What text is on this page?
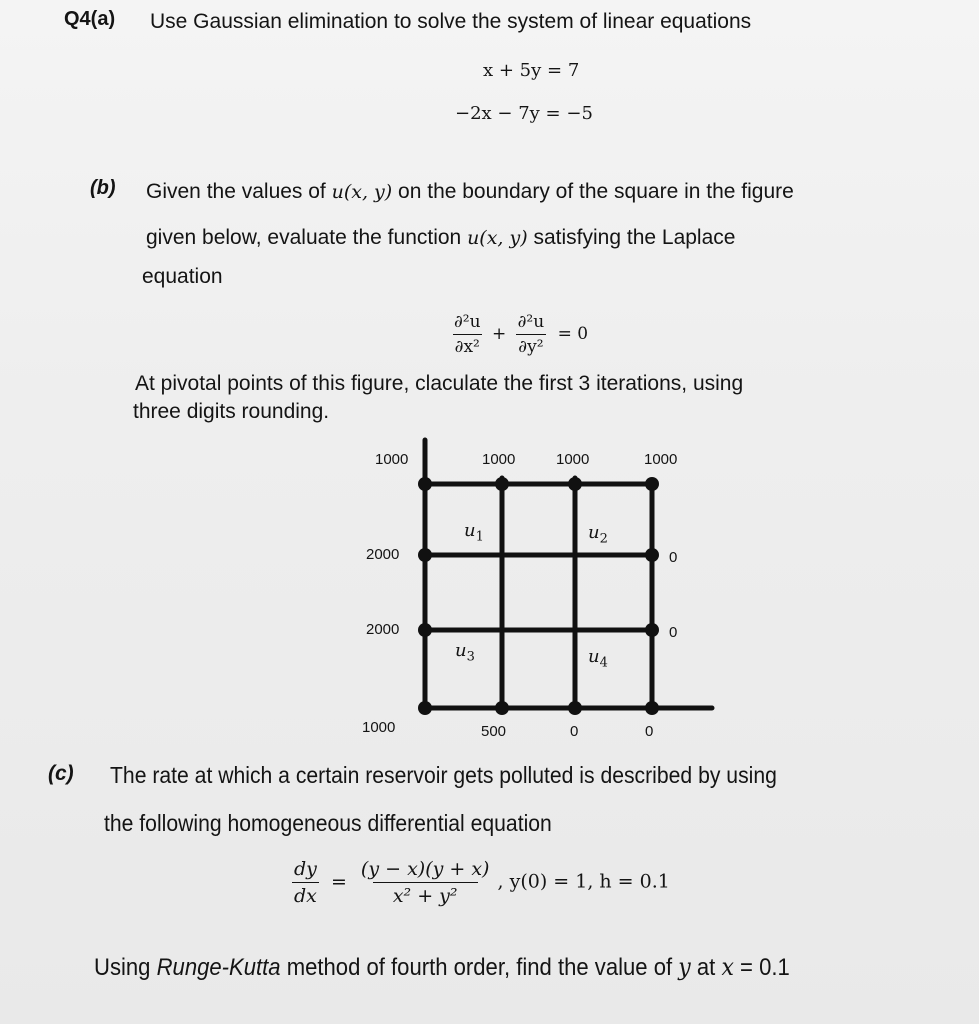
Q4(a) Use Gaussian elimination to solve the system of linear equations
x + 5y = 7
−2x − 7y = −5
(b) Given the values of u(x, y) on the boundary of the square in the figure
given below, evaluate the function u(x, y) satisfying the Laplace
equation
$\frac{\text{∂²u}}{\text{∂x²}} + \frac{\text{∂²u}}{\text{∂y²}} = 0$
At pivotal points of this figure, claculate the first 3 iterations, using
three digits rounding.
1000	1000	1000	1000
2000
2000
0
0
1000	500	0	0
$u_1$	$u_2$
$u_3$	$u_4$
(c) The rate at which a certain reservoir gets polluted is described by using
the following homogeneous differential equation
$\frac{dy}{dx} = \frac{(y - x)(y + x)}{\text{x² + y²}}$ , y(0) = 1, h = 0.1
Using Runge-Kutta method of fourth order, find the value of y at x = 0.1
